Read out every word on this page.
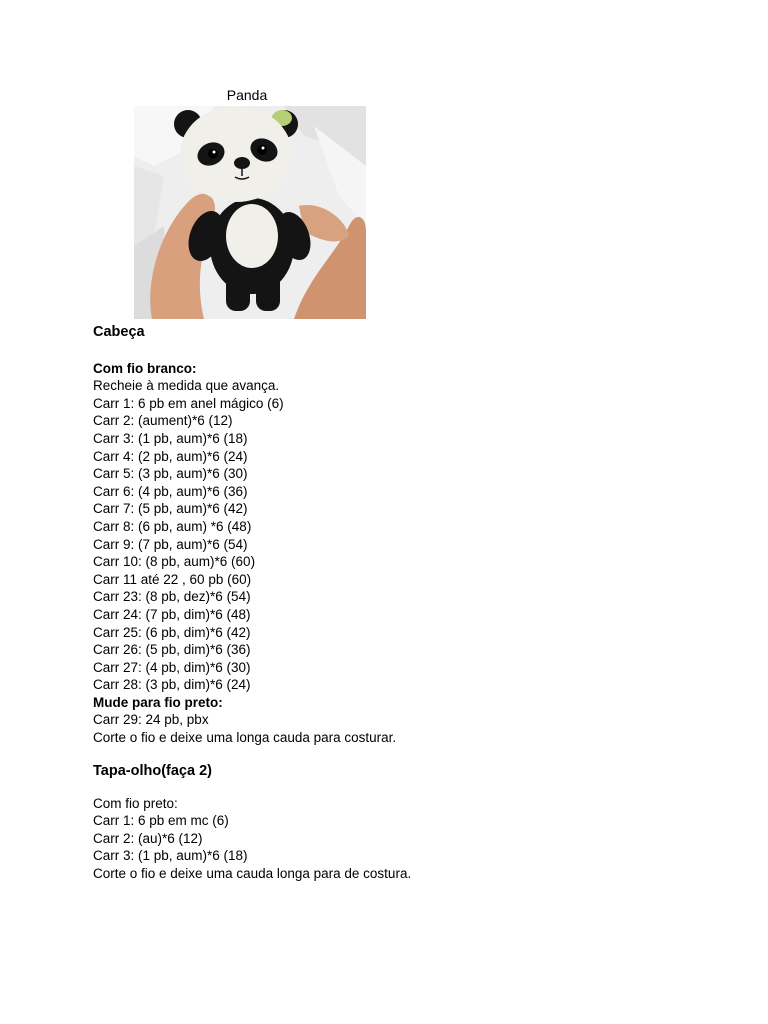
Panda
Cabeça
Com fio branco:
Recheie à medida que avança.
Carr 1: 6 pb em anel mágico (6)
Carr 2: (aument)*6 (12)
Carr 3: (1 pb, aum)*6 (18)
Carr 4: (2 pb, aum)*6 (24)
Carr 5: (3 pb, aum)*6 (30)
Carr 6: (4 pb, aum)*6 (36)
Carr 7: (5 pb, aum)*6 (42)
Carr 8: (6 pb, aum) *6 (48)
Carr 9: (7 pb, aum)*6 (54)
Carr 10: (8 pb, aum)*6 (60)
Carr 11 até 22 , 60 pb (60)
Carr 23: (8 pb, dez)*6 (54)
Carr 24: (7 pb, dim)*6 (48)
Carr 25: (6 pb, dim)*6 (42)
Carr 26: (5 pb, dim)*6 (36)
Carr 27: (4 pb, dim)*6 (30)
Carr 28: (3 pb, dim)*6 (24)
Mude para fio preto:
Carr 29: 24 pb, pbx
Corte o fio e deixe uma longa cauda para costurar.
Tapa-olho(faça 2)
Com fio preto:
Carr 1: 6 pb em mc (6)
Carr 2: (au)*6 (12)
Carr 3: (1 pb, aum)*6 (18)
Corte o fio e deixe uma cauda longa para de costura.
